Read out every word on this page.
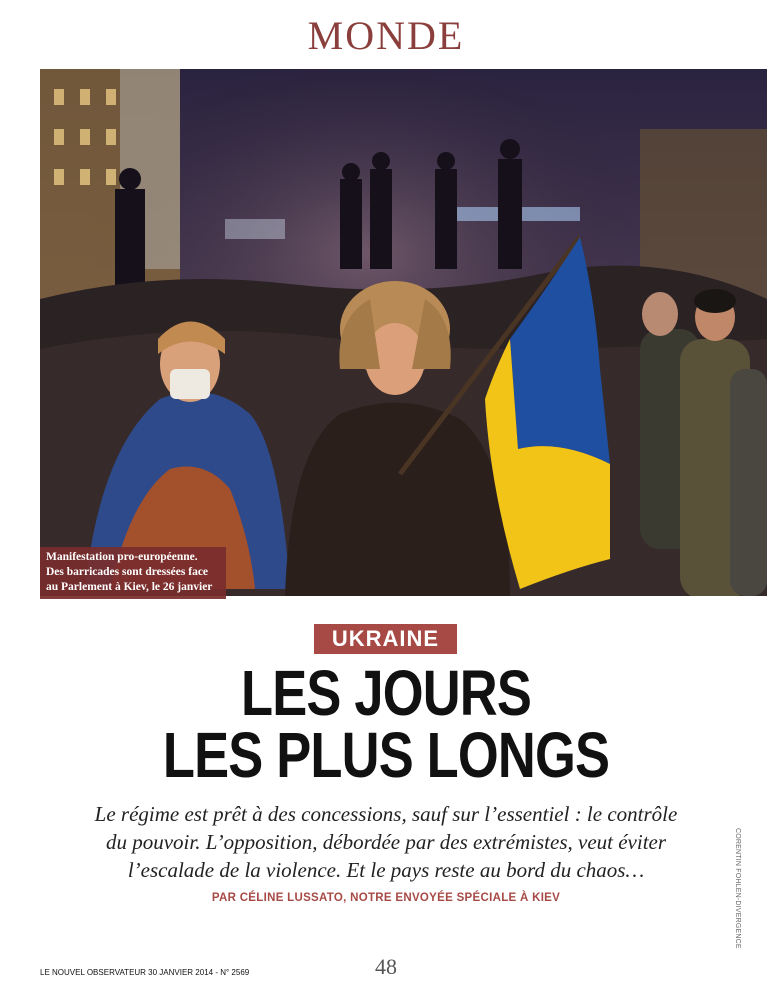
MONDE
Manifestation pro-européenne.
Des barricades sont dressées face
au Parlement à Kiev, le 26 janvier
CORENTIN FOHLEN-DIVERGENCE
UKRAINE
LES JOURS
LES PLUS LONGS
Le régime est prêt à des concessions, sauf sur l’essentiel : le contrôle
du pouvoir. L’opposition, débordée par des extrémistes, veut éviter
l’escalade de la violence. Et le pays reste au bord du chaos…
PAR CÉLINE LUSSATO, NOTRE ENVOYÉE SPÉCIALE À KIEV
LE NOUVEL OBSERVATEUR 30 JANVIER 2014 - N° 2569	48
